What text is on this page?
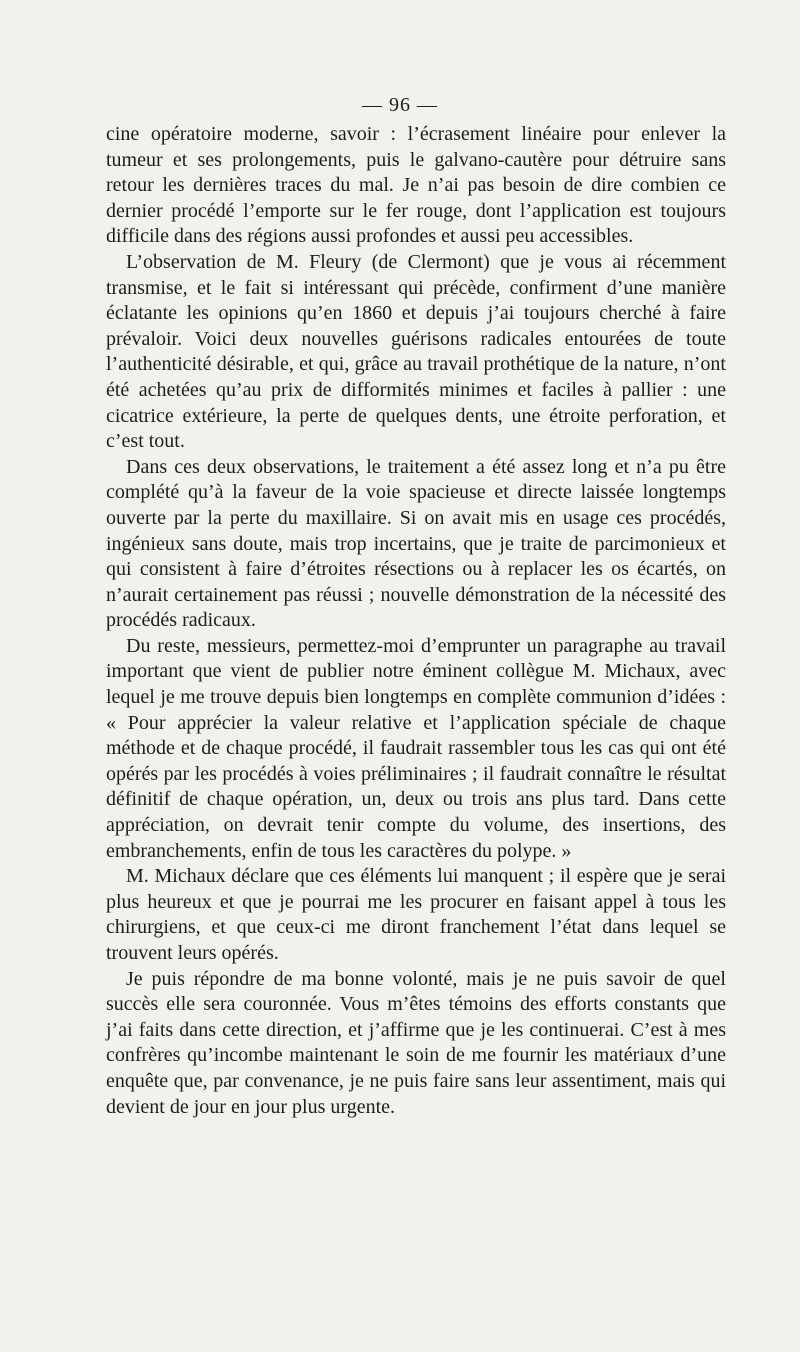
— 96 —

cine opératoire moderne, savoir : l’écrasement linéaire pour enlever la tumeur et ses prolongements, puis le galvano-cautère pour détruire sans retour les dernières traces du mal. Je n’ai pas besoin de dire combien ce dernier procédé l’emporte sur le fer rouge, dont l’application est toujours difficile dans des régions aussi profondes et aussi peu accessibles.

L’observation de M. Fleury (de Clermont) que je vous ai récemment transmise, et le fait si intéressant qui précède, confirment d’une manière éclatante les opinions qu’en 1860 et depuis j’ai toujours cherché à faire prévaloir. Voici deux nouvelles guérisons radicales entourées de toute l’authenticité désirable, et qui, grâce au travail prothétique de la nature, n’ont été achetées qu’au prix de difformités minimes et faciles à pallier : une cicatrice extérieure, la perte de quelques dents, une étroite perforation, et c’est tout.

Dans ces deux observations, le traitement a été assez long et n’a pu être complété qu’à la faveur de la voie spacieuse et directe laissée longtemps ouverte par la perte du maxillaire. Si on avait mis en usage ces procédés, ingénieux sans doute, mais trop incertains, que je traite de parcimonieux et qui consistent à faire d’étroites résections ou à replacer les os écartés, on n’aurait certainement pas réussi ; nouvelle démonstration de la nécessité des procédés radicaux.

Du reste, messieurs, permettez-moi d’emprunter un paragraphe au travail important que vient de publier notre éminent collègue M. Michaux, avec lequel je me trouve depuis bien longtemps en complète communion d’idées : « Pour apprécier la valeur relative et l’application spéciale de chaque méthode et de chaque procédé, il faudrait rassembler tous les cas qui ont été opérés par les procédés à voies préliminaires ; il faudrait connaître le résultat définitif de chaque opération, un, deux ou trois ans plus tard. Dans cette appréciation, on devrait tenir compte du volume, des insertions, des embranchements, enfin de tous les caractères du polype. »

M. Michaux déclare que ces éléments lui manquent ; il espère que je serai plus heureux et que je pourrai me les procurer en faisant appel à tous les chirurgiens, et que ceux-ci me diront franchement l’état dans lequel se trouvent leurs opérés.

Je puis répondre de ma bonne volonté, mais je ne puis savoir de quel succès elle sera couronnée. Vous m’êtes témoins des efforts constants que j’ai faits dans cette direction, et j’affirme que je les continuerai. C’est à mes confrères qu’incombe maintenant le soin de me fournir les matériaux d’une enquête que, par convenance, je ne puis faire sans leur assentiment, mais qui devient de jour en jour plus urgente.
